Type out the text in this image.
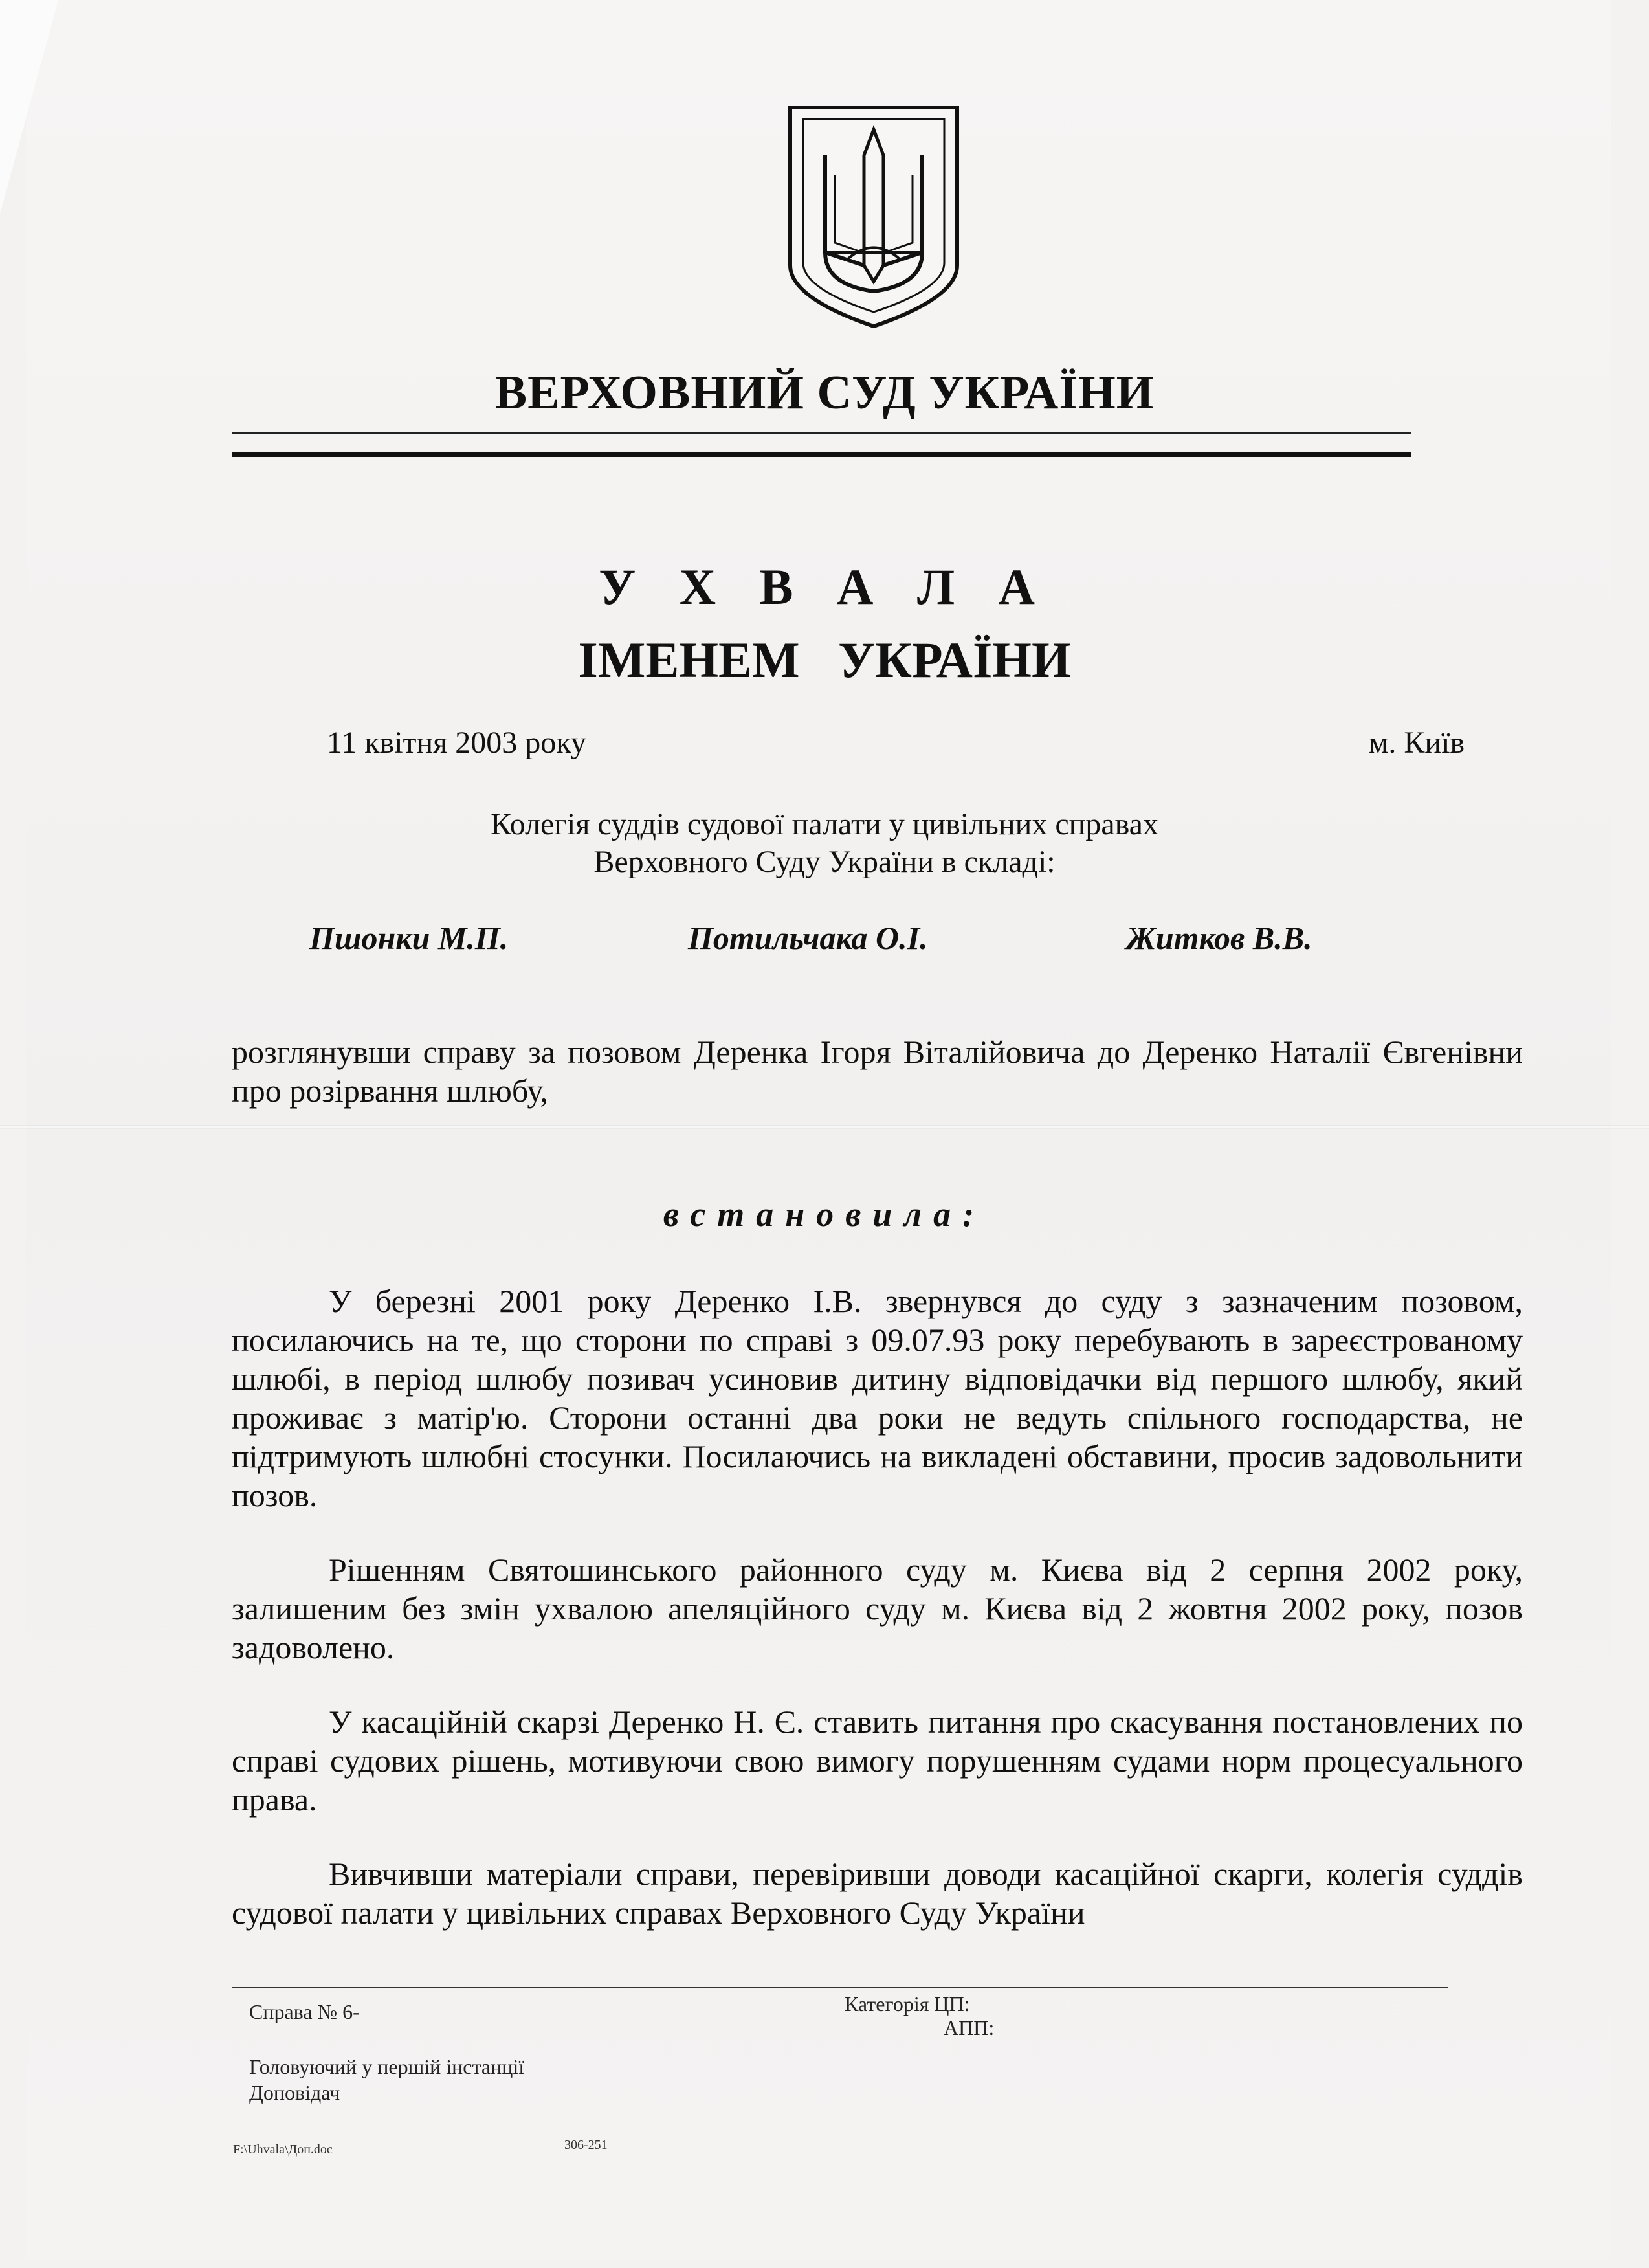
ВЕРХОВНИЙ СУД УКРАЇНИ
У Х В А Л А
ІМЕНЕМ УКРАЇНИ
11 квітня 2003 року	м. Київ
Колегія суддів судової палати у цивільних справах
Верховного Суду України в складі:
Пшонки М.П.	Потильчака О.І.	Житков В.В.
розглянувши справу за позовом Деренка Ігоря Віталійовича до Деренко Наталії Євгенівни про розірвання шлюбу,
встановила:
У березні 2001 року Деренко І.В. звернувся до суду з зазначеним позовом, посилаючись на те, що сторони по справі з 09.07.93 року перебувають в зареєстрованому шлюбі, в період шлюбу позивач усиновив дитину відповідачки від першого шлюбу, який проживає з матір'ю. Сторони останні два роки не ведуть спільного господарства, не підтримують шлюбні стосунки. Посилаючись на викладені обставини, просив задовольнити позов.
Рішенням Святошинського районного суду м. Києва від 2 серпня 2002 року, залишеним без змін ухвалою апеляційного суду м. Києва від 2 жовтня 2002 року, позов задоволено.
У касаційній скарзі Деренко Н. Є. ставить питання про скасування постановлених по справі судових рішень, мотивуючи свою вимогу порушенням судами норм процесуального права.
Вивчивши матеріали справи, перевіривши доводи касаційної скарги, колегія суддів судової палати у цивільних справах Верховного Суду України
Справа № 6-	Категорія ЦП:
АПП:
Головуючий у першій інстанції
Доповідач
F:\Uhvala\Доп.doc	306-251
